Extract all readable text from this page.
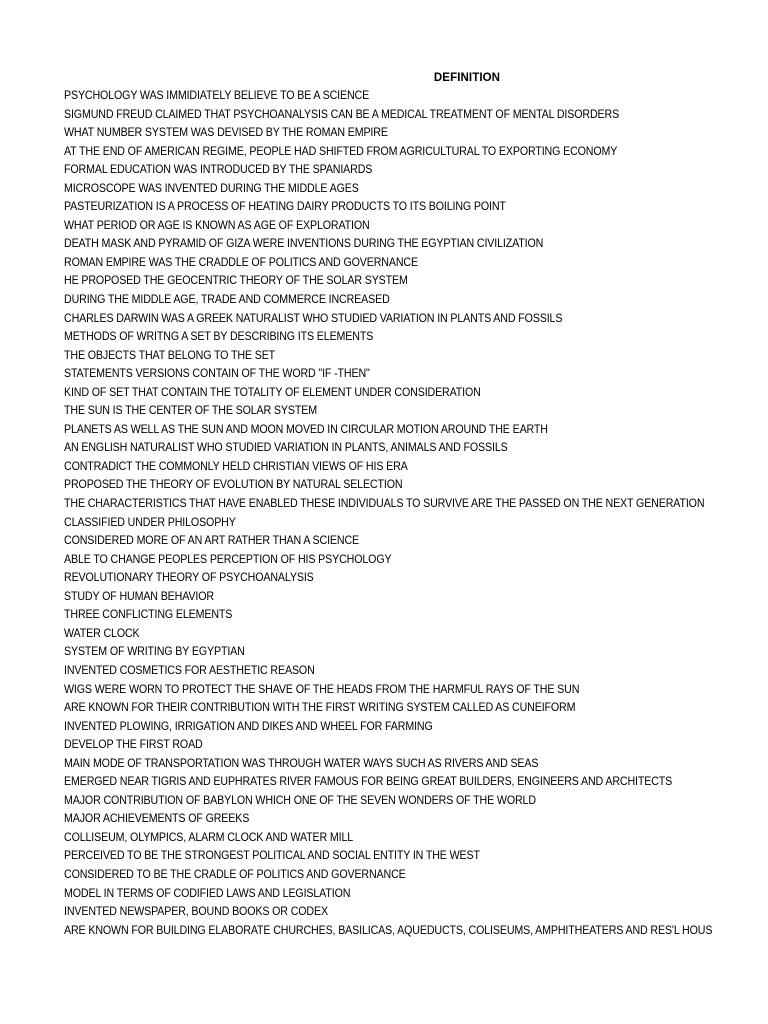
DEFINITION
PSYCHOLOGY WAS IMMIDIATELY BELIEVE TO BE A SCIENCE
SIGMUND FREUD CLAIMED THAT PSYCHOANALYSIS CAN BE A MEDICAL TREATMENT OF MENTAL DISORDERS
WHAT NUMBER SYSTEM WAS DEVISED BY THE ROMAN EMPIRE
AT THE END OF AMERICAN REGIME, PEOPLE HAD SHIFTED FROM AGRICULTURAL TO EXPORTING ECONOMY
FORMAL EDUCATION WAS INTRODUCED BY THE SPANIARDS
MICROSCOPE WAS INVENTED DURING THE MIDDLE AGES
PASTEURIZATION IS A PROCESS OF HEATING DAIRY PRODUCTS TO ITS BOILING POINT
WHAT PERIOD OR AGE IS KNOWN AS AGE OF EXPLORATION
DEATH MASK AND PYRAMID OF GIZA WERE INVENTIONS DURING THE EGYPTIAN CIVILIZATION
ROMAN EMPIRE WAS THE CRADDLE OF POLITICS AND GOVERNANCE
HE PROPOSED THE GEOCENTRIC THEORY OF THE SOLAR SYSTEM
DURING THE MIDDLE AGE, TRADE AND COMMERCE INCREASED
CHARLES DARWIN WAS A GREEK NATURALIST WHO STUDIED VARIATION IN PLANTS AND FOSSILS
METHODS OF WRITNG A SET BY DESCRIBING ITS ELEMENTS
THE OBJECTS THAT BELONG TO THE SET
STATEMENTS VERSIONS CONTAIN OF THE WORD "IF -THEN"
KIND OF SET THAT CONTAIN THE TOTALITY OF ELEMENT UNDER CONSIDERATION
THE SUN IS THE CENTER OF THE SOLAR SYSTEM
PLANETS AS WELL AS THE SUN AND MOON MOVED IN CIRCULAR MOTION AROUND THE EARTH
AN ENGLISH NATURALIST WHO STUDIED VARIATION IN PLANTS, ANIMALS AND FOSSILS
CONTRADICT THE COMMONLY HELD CHRISTIAN VIEWS OF HIS ERA
PROPOSED THE THEORY OF EVOLUTION BY NATURAL SELECTION
THE CHARACTERISTICS THAT HAVE ENABLED THESE INDIVIDUALS TO SURVIVE ARE THE PASSED ON THE NEXT GENERATION
CLASSIFIED UNDER PHILOSOPHY
CONSIDERED MORE OF AN ART RATHER THAN A SCIENCE
ABLE TO CHANGE PEOPLES PERCEPTION OF HIS PSYCHOLOGY
REVOLUTIONARY THEORY OF PSYCHOANALYSIS
STUDY OF HUMAN BEHAVIOR
THREE CONFLICTING ELEMENTS
WATER CLOCK
SYSTEM OF WRITING BY EGYPTIAN
INVENTED COSMETICS FOR AESTHETIC REASON
WIGS WERE WORN TO PROTECT THE SHAVE OF THE HEADS FROM THE HARMFUL RAYS OF THE SUN
ARE KNOWN FOR THEIR CONTRIBUTION WITH THE FIRST WRITING SYSTEM CALLED AS CUNEIFORM
INVENTED PLOWING, IRRIGATION AND DIKES AND WHEEL FOR FARMING
DEVELOP THE FIRST ROAD
MAIN MODE OF TRANSPORTATION WAS THROUGH WATER WAYS SUCH AS RIVERS AND SEAS
EMERGED NEAR TIGRIS AND EUPHRATES RIVER FAMOUS FOR BEING GREAT BUILDERS, ENGINEERS AND ARCHITECTS
MAJOR CONTRIBUTION OF BABYLON WHICH ONE OF THE SEVEN WONDERS OF THE WORLD
MAJOR ACHIEVEMENTS OF GREEKS
COLLISEUM, OLYMPICS, ALARM CLOCK AND WATER MILL
PERCEIVED TO BE THE STRONGEST POLITICAL AND SOCIAL ENTITY IN THE WEST
CONSIDERED TO BE THE CRADLE OF POLITICS AND GOVERNANCE
MODEL IN TERMS OF CODIFIED LAWS AND LEGISLATION
INVENTED NEWSPAPER, BOUND BOOKS OR CODEX
ARE KNOWN FOR BUILDING ELABORATE CHURCHES, BASILICAS, AQUEDUCTS, COLISEUMS, AMPHITHEATERS AND RES'L HOUS
